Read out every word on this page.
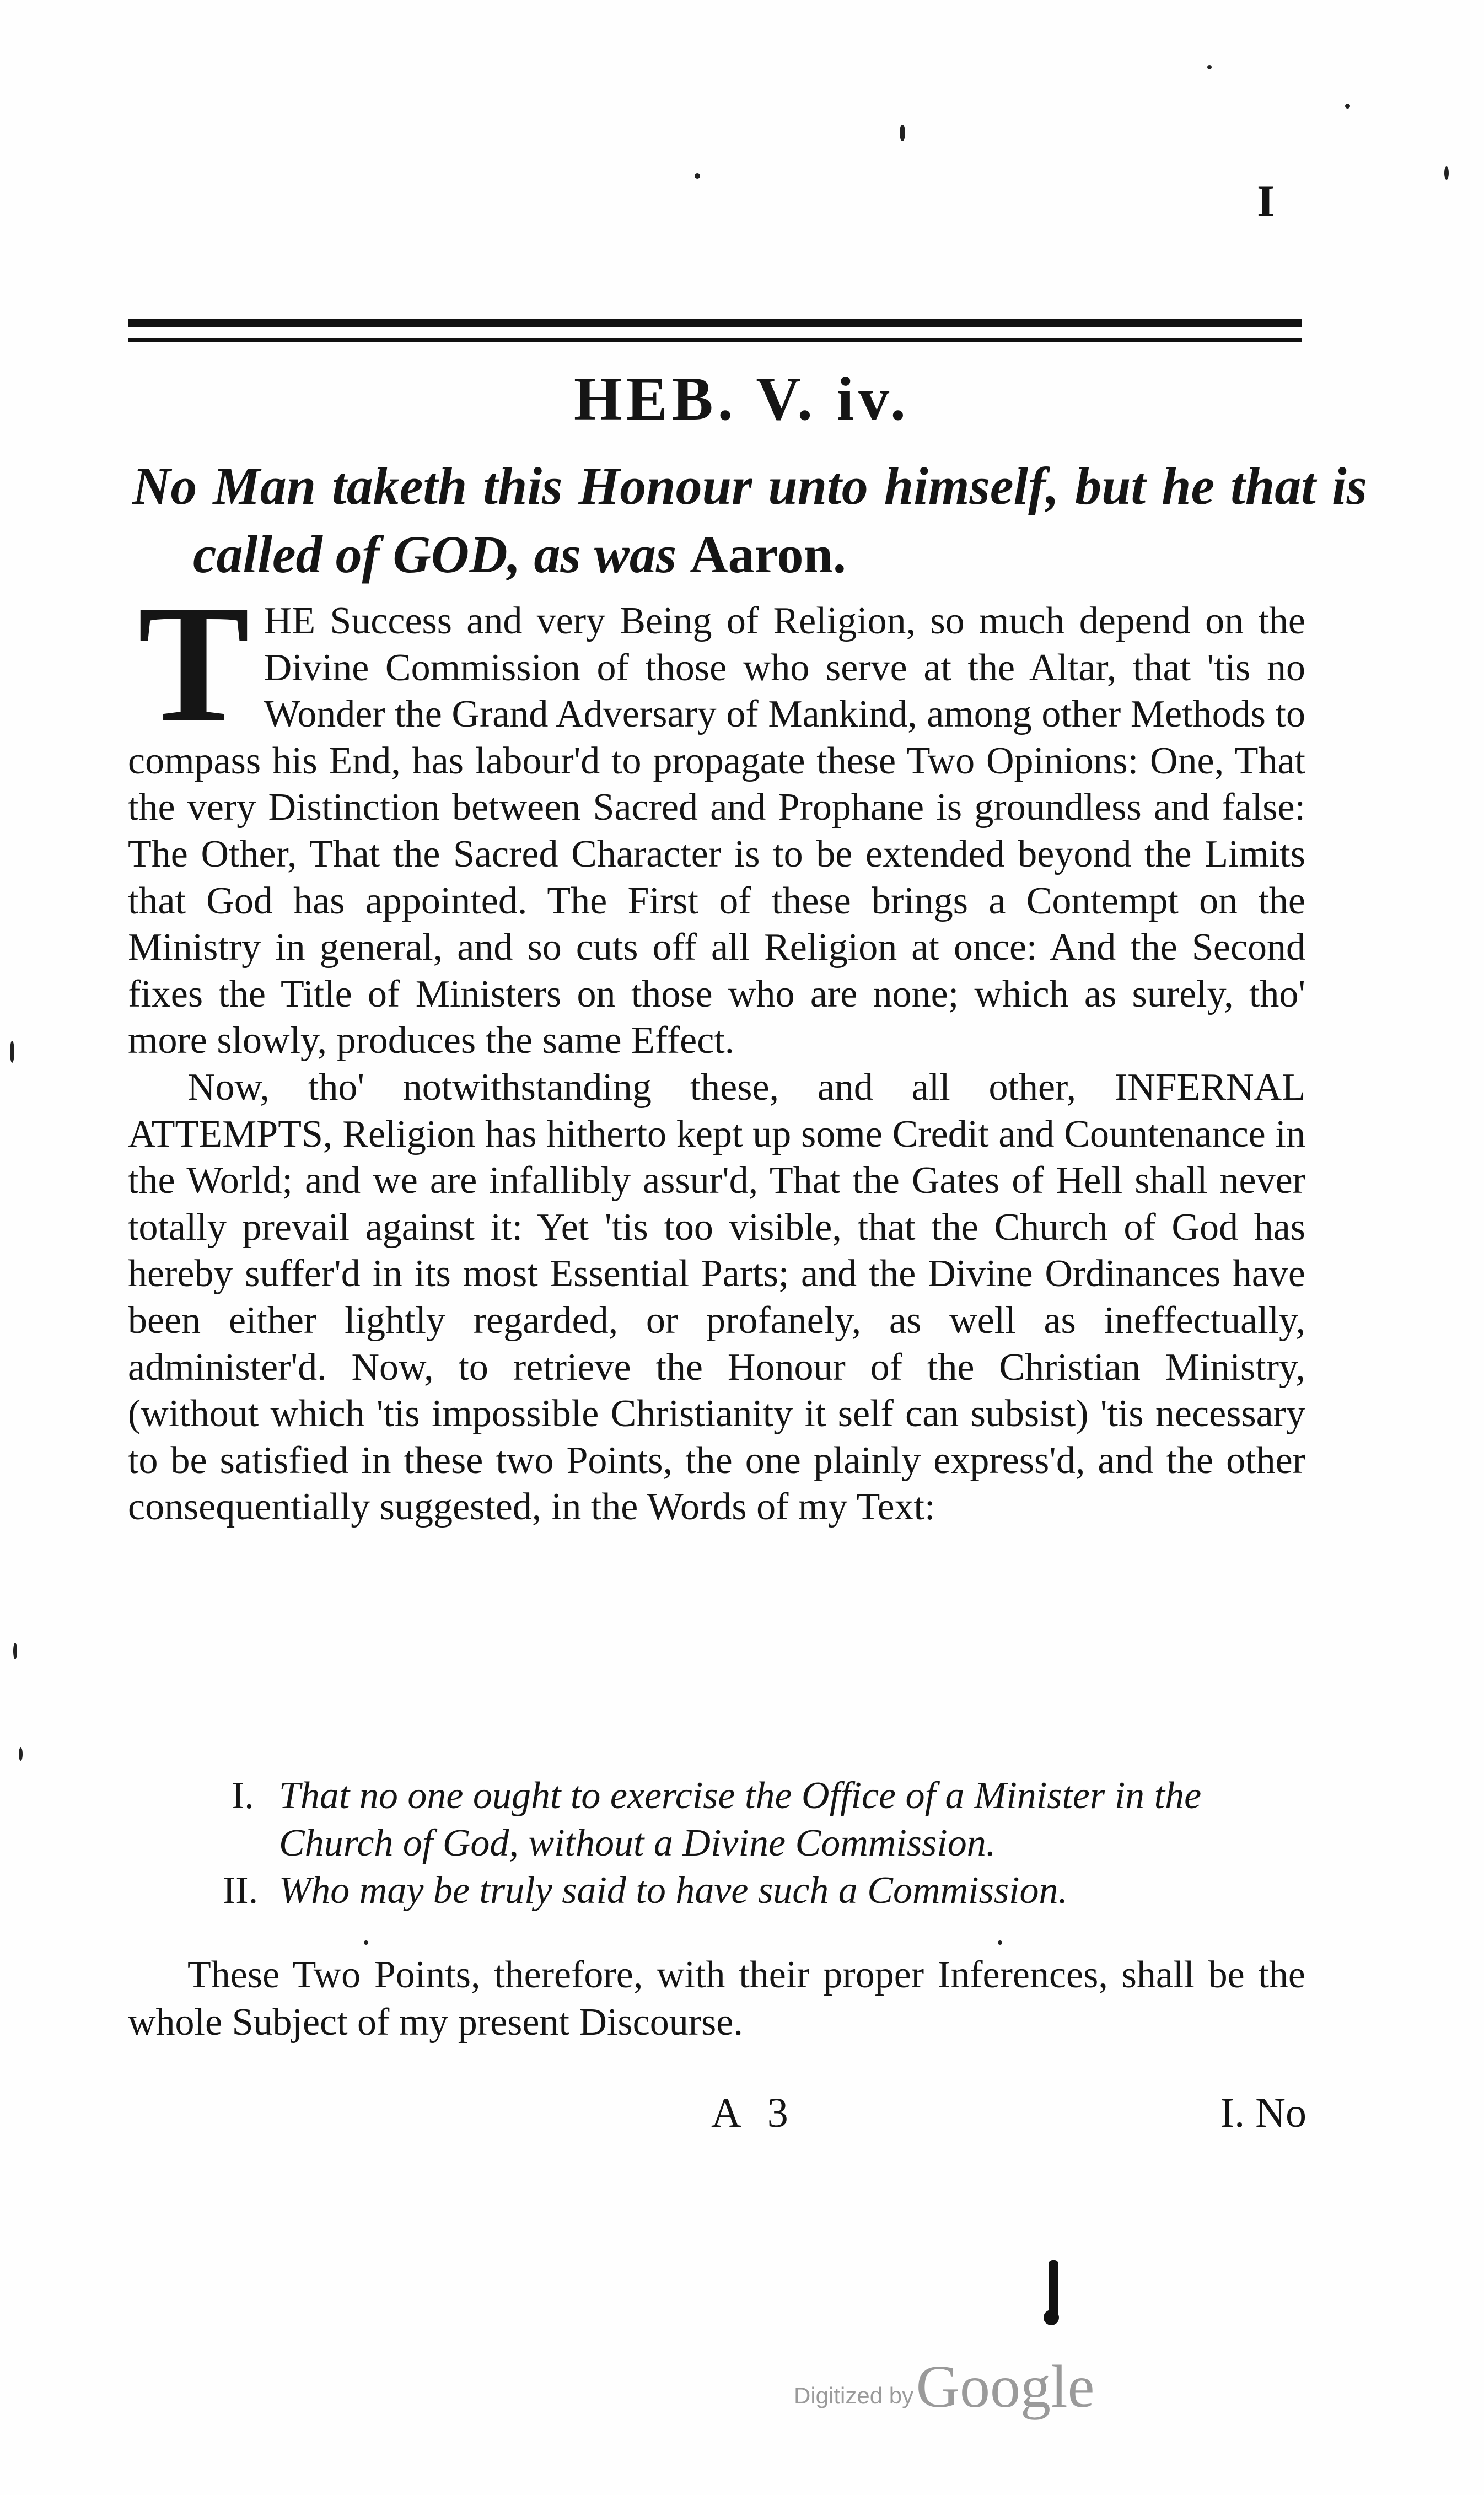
I
HEB. V. iv.
No Man taketh this Honour unto himself, but he that is called of GOD, as was Aaron.

THE Success and very Being of Religion, so much depend on the Divine Commission of those who serve at the Altar, that 'tis no Wonder the Grand Adversary of Mankind, among other Methods to compass his End, has labour'd to propagate these Two Opinions: One, That the very Distinction between Sacred and Prophane is groundless and false: The Other, That the Sacred Character is to be extended beyond the Limits that God has appointed. The First of these brings a Contempt on the Ministry in general, and so cuts off all Religion at once: And the Second fixes the Title of Ministers on those who are none; which as surely, tho' more slowly, produces the same Effect.

Now, tho' notwithstanding these, and all other, INFERNAL ATTEMPTS, Religion has hitherto kept up some Credit and Countenance in the World; and we are infallibly assur'd, That the Gates of Hell shall never totally prevail against it: Yet 'tis too visible, that the Church of God has hereby suffer'd in its most Essential Parts; and the Divine Ordinances have been either lightly regarded, or profanely, as well as ineffectually, administer'd. Now, to retrieve the Honour of the Christian Ministry, (without which 'tis impossible Christianity it self can subsist) 'tis necessary to be satisfied in these two Points, the one plainly express'd, and the other consequentially suggested, in the Words of my Text:

I. That no one ought to exercise the Office of a Minister in the Church of God, without a Divine Commission.
II. Who may be truly said to have such a Commission.
These Two Points, therefore, with their proper Inferences, shall be the whole Subject of my present Discourse.
A 3	I. No
Digitized by Google
